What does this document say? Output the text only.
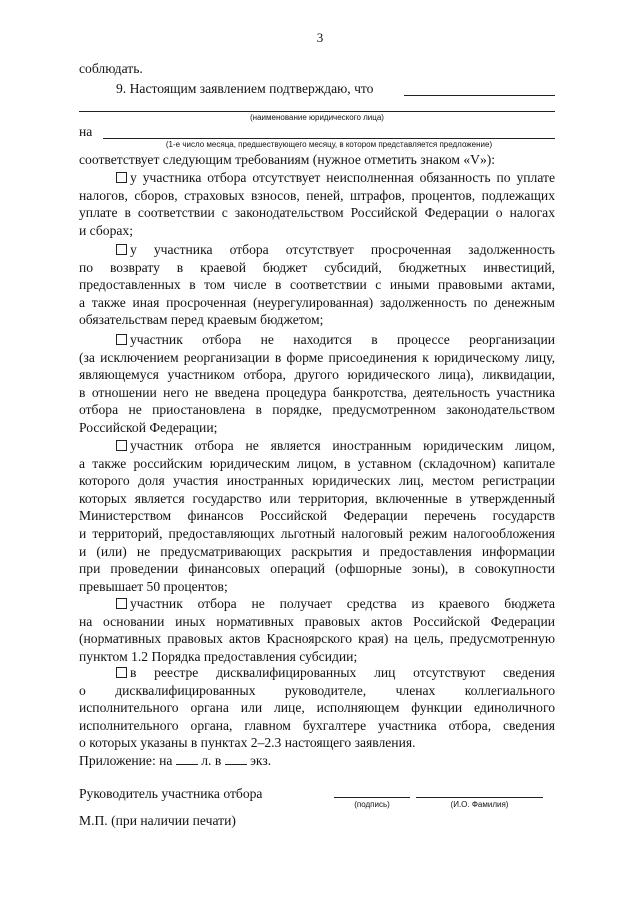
3
соблюдать.
9. Настоящим заявлением подтверждаю, что
(наименование юридического лица)
на
(1-е число месяца, предшествующего месяцу, в котором представляется предложение)
соответствует следующим требованиям (нужное отметить знаком «V»):

у участника отбора отсутствует неисполненная обязанность по уплате

налогов, сборов, страховых взносов, пеней, штрафов, процентов, подлежащих

уплате в соответствии с законодательством Российской Федерации о налогах

и сборах;

у участника отбора отсутствует просроченная задолженность

по возврату в краевой бюджет субсидий, бюджетных инвестиций,

предоставленных в том числе в соответствии с иными правовыми актами,

а также иная просроченная (неурегулированная) задолженность по денежным

обязательствам перед краевым бюджетом;

участник отбора не находится в процессе реорганизации

(за исключением реорганизации в форме присоединения к юридическому лицу,

являющемуся участником отбора, другого юридического лица), ликвидации,

в отношении него не введена процедура банкротства, деятельность участника

отбора не приостановлена в порядке, предусмотренном законодательством

Российской Федерации;

участник отбора не является иностранным юридическим лицом,

а также российским юридическим лицом, в уставном (складочном) капитале

которого доля участия иностранных юридических лиц, местом регистрации

которых является государство или территория, включенные в утвержденный

Министерством финансов Российской Федерации перечень государств

и территорий, предоставляющих льготный налоговый режим налогообложения

и (или) не предусматривающих раскрытия и предоставления информации

при проведении финансовых операций (офшорные зоны), в совокупности

превышает 50 процентов;

участник отбора не получает средства из краевого бюджета

на основании иных нормативных правовых актов Российской Федерации

(нормативных правовых актов Красноярского края) на цель, предусмотренную

пунктом 1.2 Порядка предоставления субсидии;

в реестре дисквалифицированных лиц отсутствуют сведения

о дисквалифицированных руководителе, членах коллегиального

исполнительного органа или лице, исполняющем функции единоличного

исполнительного органа, главном бухгалтере участника отбора, сведения

о которых указаны в пунктах 2–2.3 настоящего заявления.

Приложение: на л. в экз.
Руководитель участника отбора
(подпись)	(И.О. Фамилия)
М.П. (при наличии печати)
